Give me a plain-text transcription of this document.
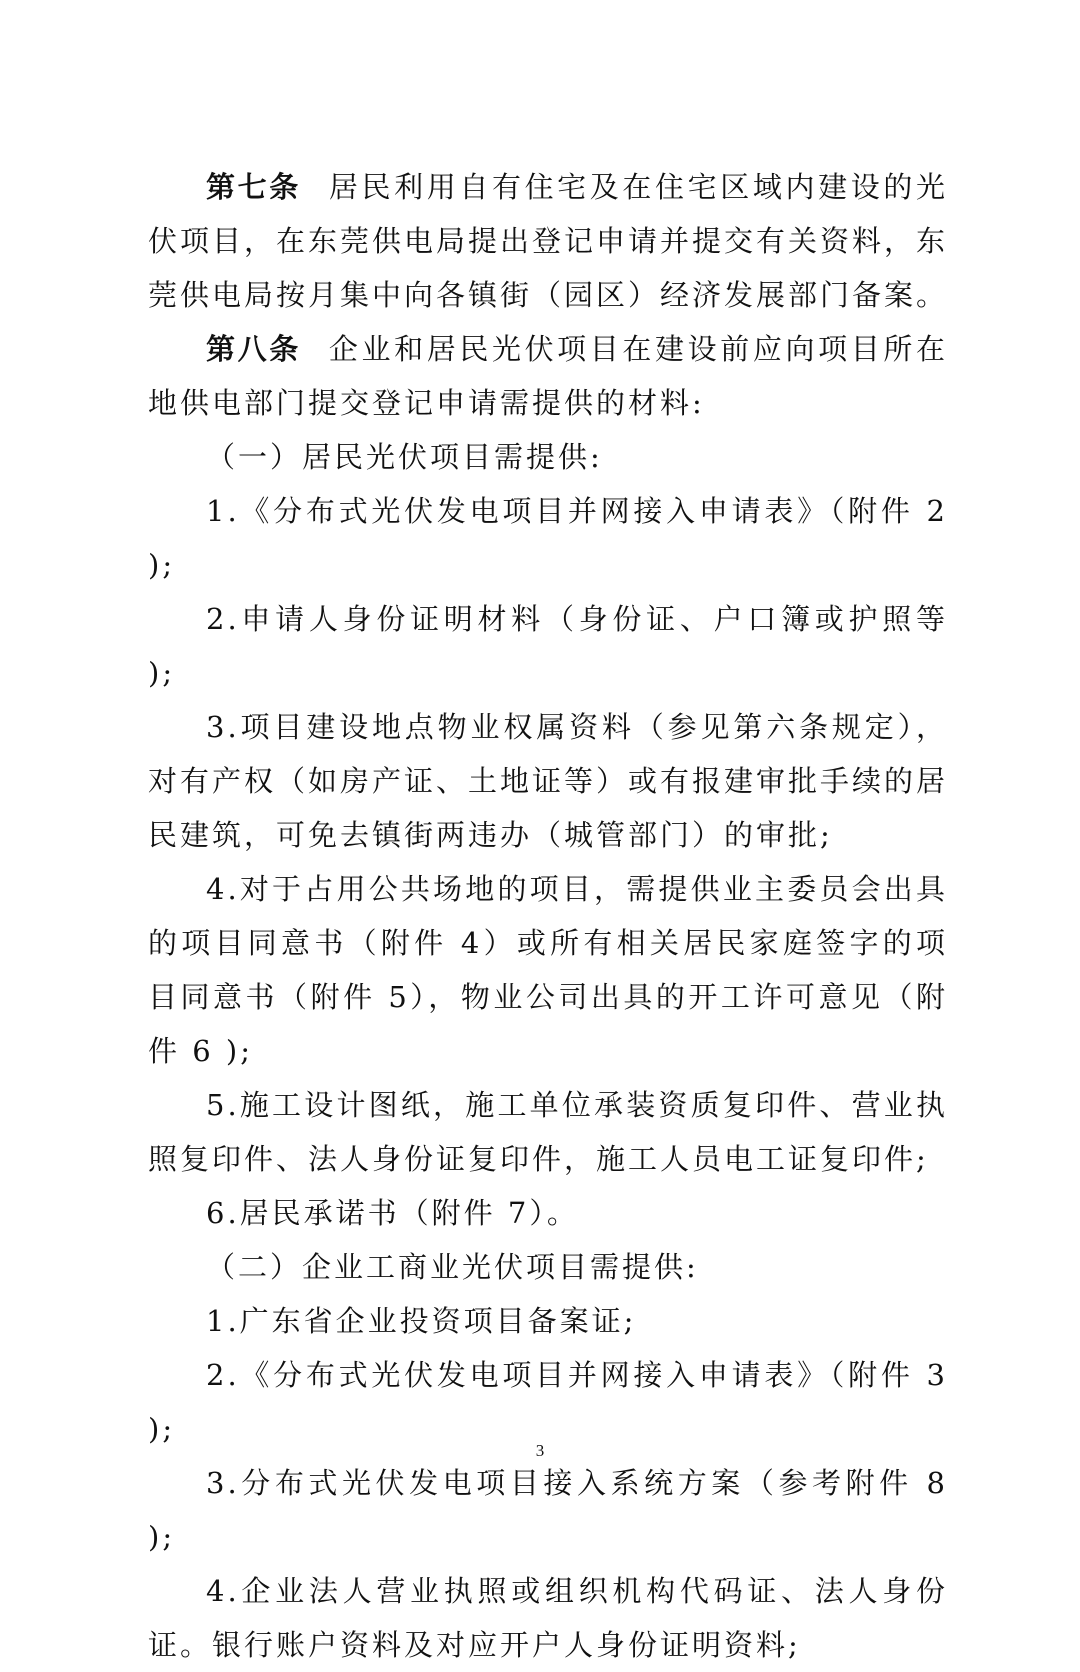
第七条 居民利用自有住宅及在住宅区域内建设的光伏项目，在东莞供电局提出登记申请并提交有关资料，东莞供电局按月集中向各镇街（园区）经济发展部门备案。

第八条 企业和居民光伏项目在建设前应向项目所在地供电部门提交登记申请需提供的材料:

（一）居民光伏项目需提供:

1.《分布式光伏发电项目并网接入申请表》（附件 2 );

2.申请人身份证明材料（身份证、户口簿或护照等 );

3.项目建设地点物业权属资料（参见第六条规定），对有产权（如房产证、土地证等）或有报建审批手续的居民建筑，可免去镇街两违办（城管部门）的审批;

4.对于占用公共场地的项目，需提供业主委员会出具的项目同意书（附件 4）或所有相关居民家庭签字的项目同意书（附件 5），物业公司出具的开工许可意见（附件 6 );

5.施工设计图纸，施工单位承装资质复印件、营业执照复印件、法人身份证复印件，施工人员电工证复印件;

6.居民承诺书（附件 7）。

（二）企业工商业光伏项目需提供:

1.广东省企业投资项目备案证;

2.《分布式光伏发电项目并网接入申请表》（附件 3 );

3.分布式光伏发电项目接入系统方案（参考附件 8 );

4.企业法人营业执照或组织机构代码证、法人身份证。银行账户资料及对应开户人身份证明资料;

3
